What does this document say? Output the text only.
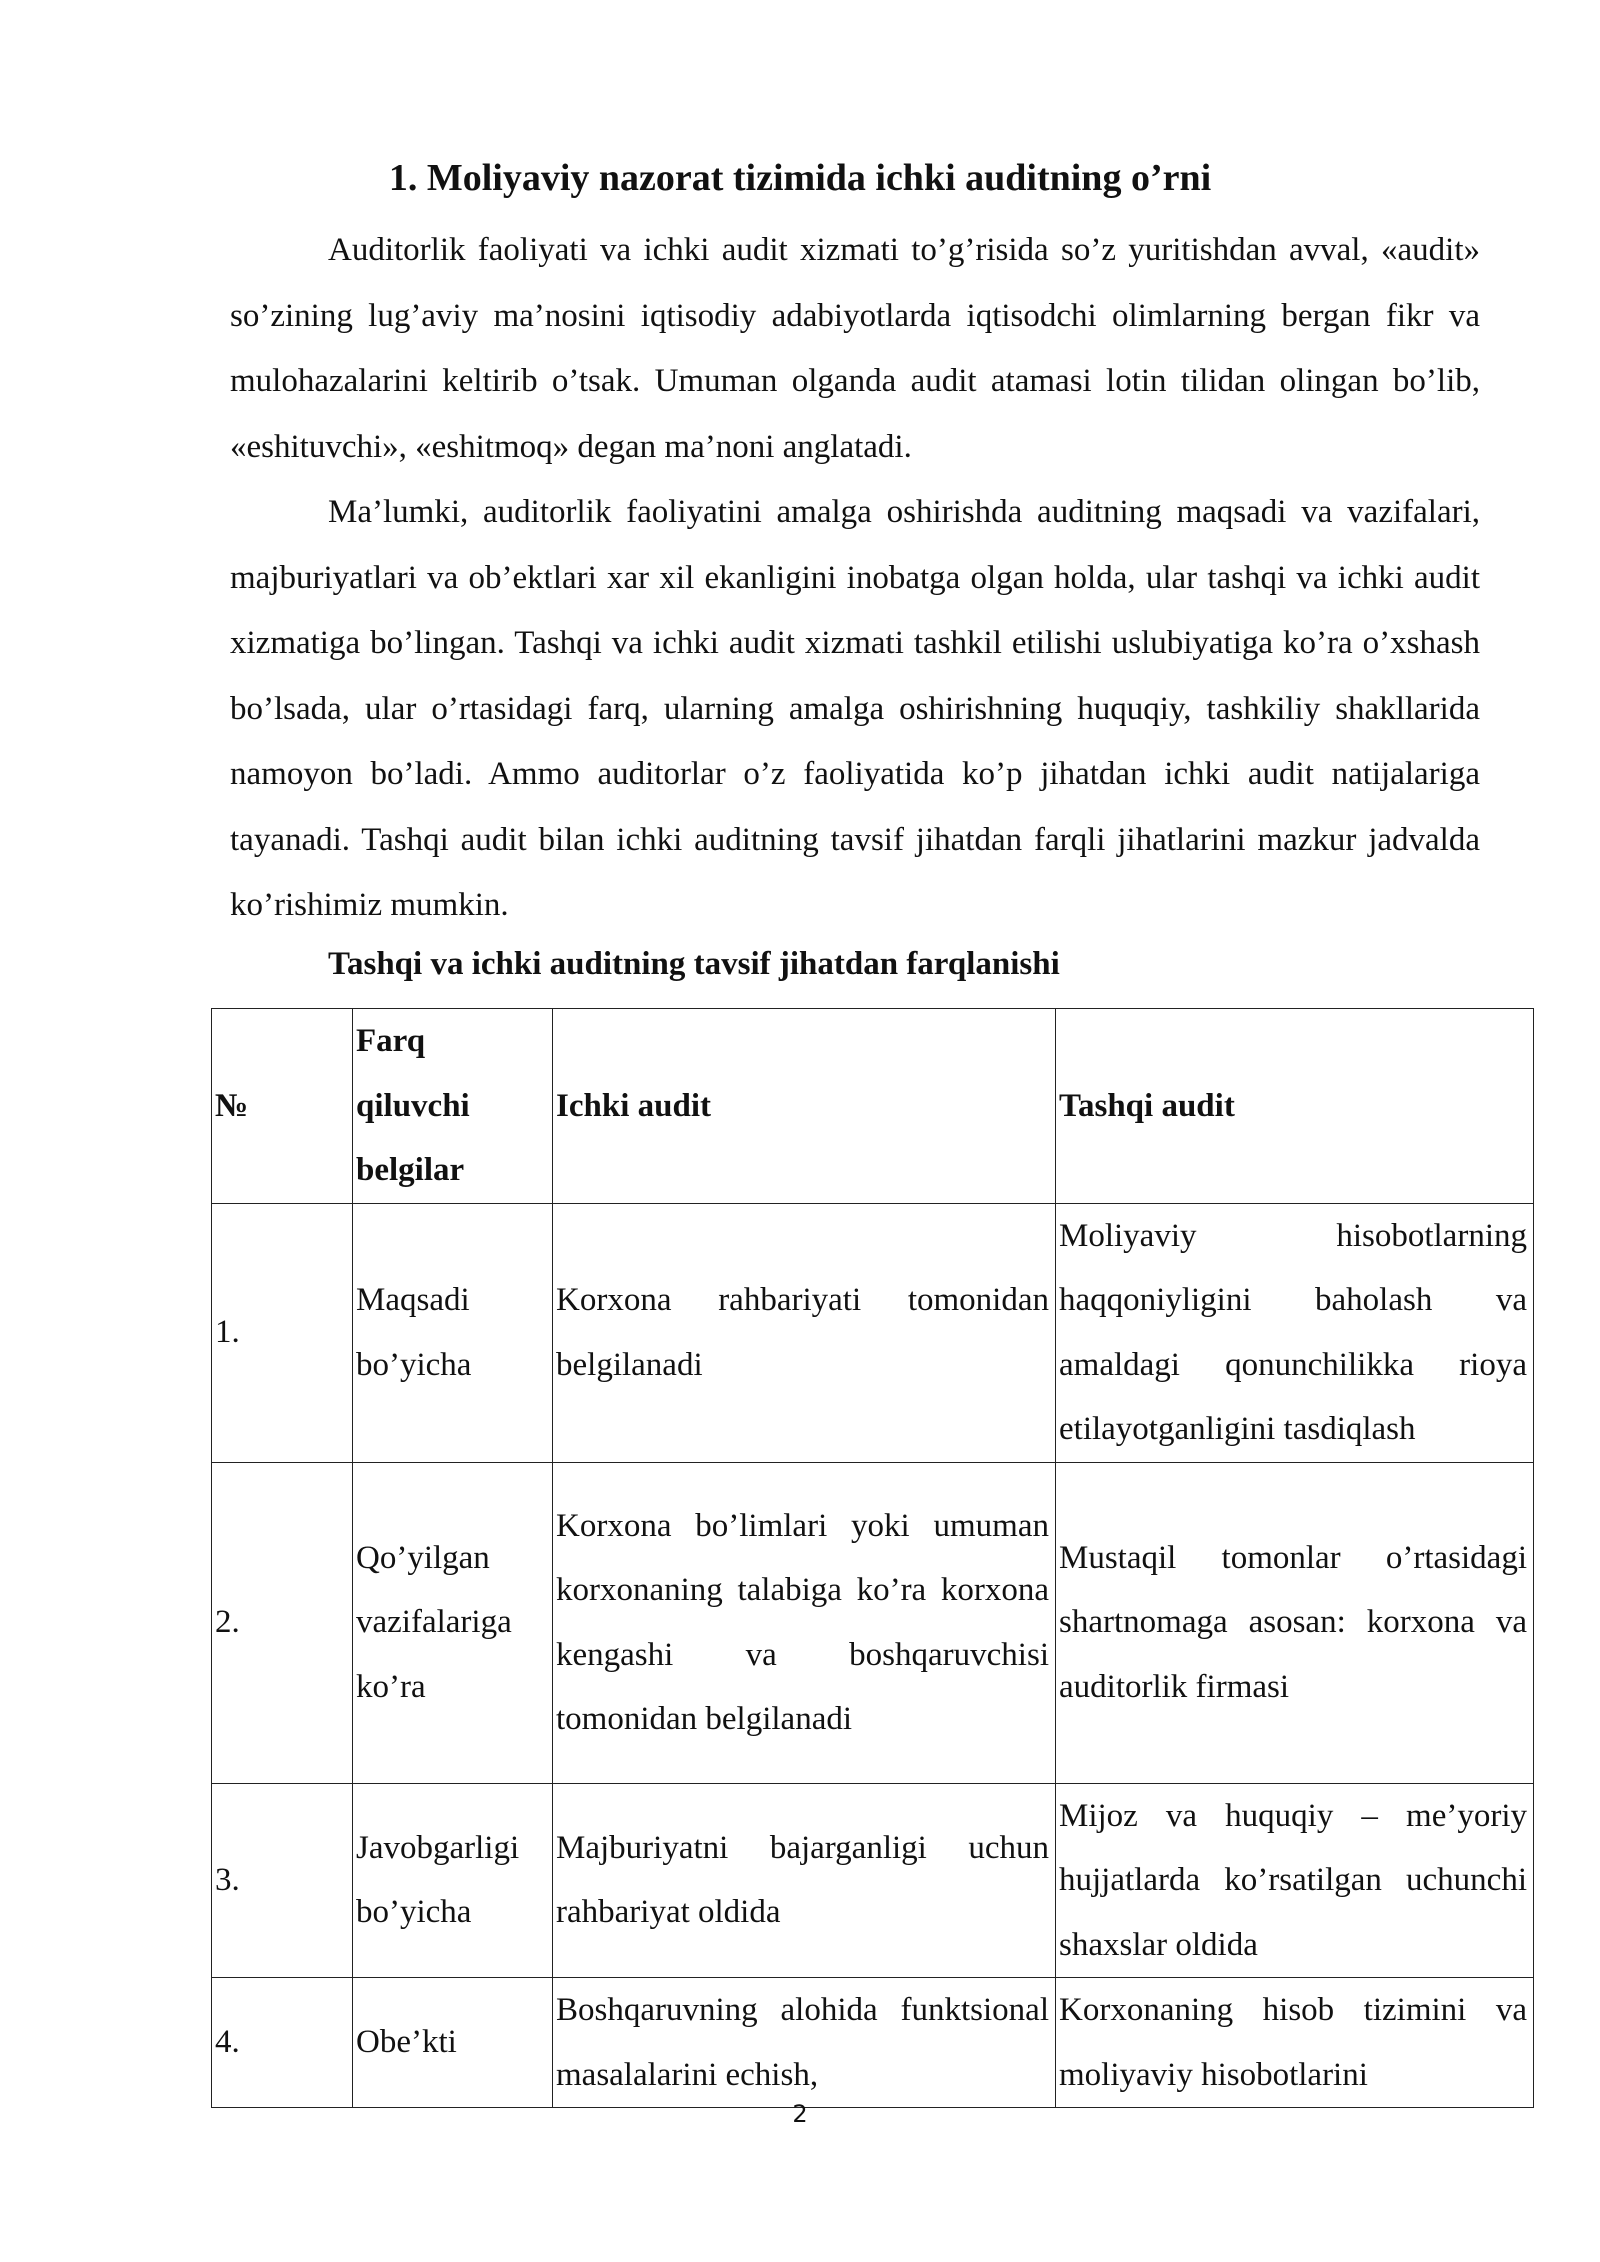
1. Moliyaviy nazorat tizimida ichki auditning o’rni
Auditorlik faoliyati va ichki audit xizmati to’g’risida so’z yuritishdan avval, «audit» so’zining lug’aviy ma’nosini iqtisodiy adabiyotlarda iqtisodchi olimlarning bergan fikr va mulohazalarini keltirib o’tsak. Umuman olganda audit atamasi lotin tilidan olingan bo’lib, «eshituvchi», «eshitmoq» degan ma’noni anglatadi.
Ma’lumki, auditorlik faoliyatini amalga oshirishda auditning maqsadi va vazifalari, majburiyatlari va ob’ektlari xar xil ekanligini inobatga olgan holda, ular tashqi va ichki audit xizmatiga bo’lingan. Tashqi va ichki audit xizmati tashkil etilishi uslubiyatiga ko’ra o’xshash bo’lsada, ular o’rtasidagi farq, ularning amalga oshirishning huquqiy, tashkiliy shakllarida namoyon bo’ladi. Ammo auditorlar o’z faoliyatida ko’p jihatdan ichki audit natijalariga tayanadi. Tashqi audit bilan ichki auditning tavsif jihatdan farqli jihatlarini mazkur jadvalda ko’rishimiz mumkin.
Tashqi va ichki auditning tavsif jihatdan farqlanishi
№	Farq qiluvchi belgilar	Ichki audit	Tashqi audit
1.	Maqsadi bo’yicha	Korxona rahbariyati tomonidan belgilanadi	Moliyaviy hisobotlarning haqqoniyligini baholash va amaldagi qonunchilikka rioya etilayotganligini tasdiqlash
2.	Qo’yilgan vazifalariga ko’ra	Korxona bo’limlari yoki umuman korxonaning talabiga ko’ra korxona kengashi va boshqaruvchisi tomonidan belgilanadi	Mustaqil tomonlar o’rtasidagi shartnomaga asosan: korxona va auditorlik firmasi
3.	Javobgarligi bo’yicha	Majburiyatni bajarganligi uchun rahbariyat oldida	Mijoz va huquqiy – me’yoriy hujjatlarda ko’rsatilgan uchunchi shaxslar oldida
4.	Obe’kti	Boshqaruvning alohida funktsional masalalarini echish,	Korxonaning hisob tizimini va moliyaviy hisobotlarini
2
